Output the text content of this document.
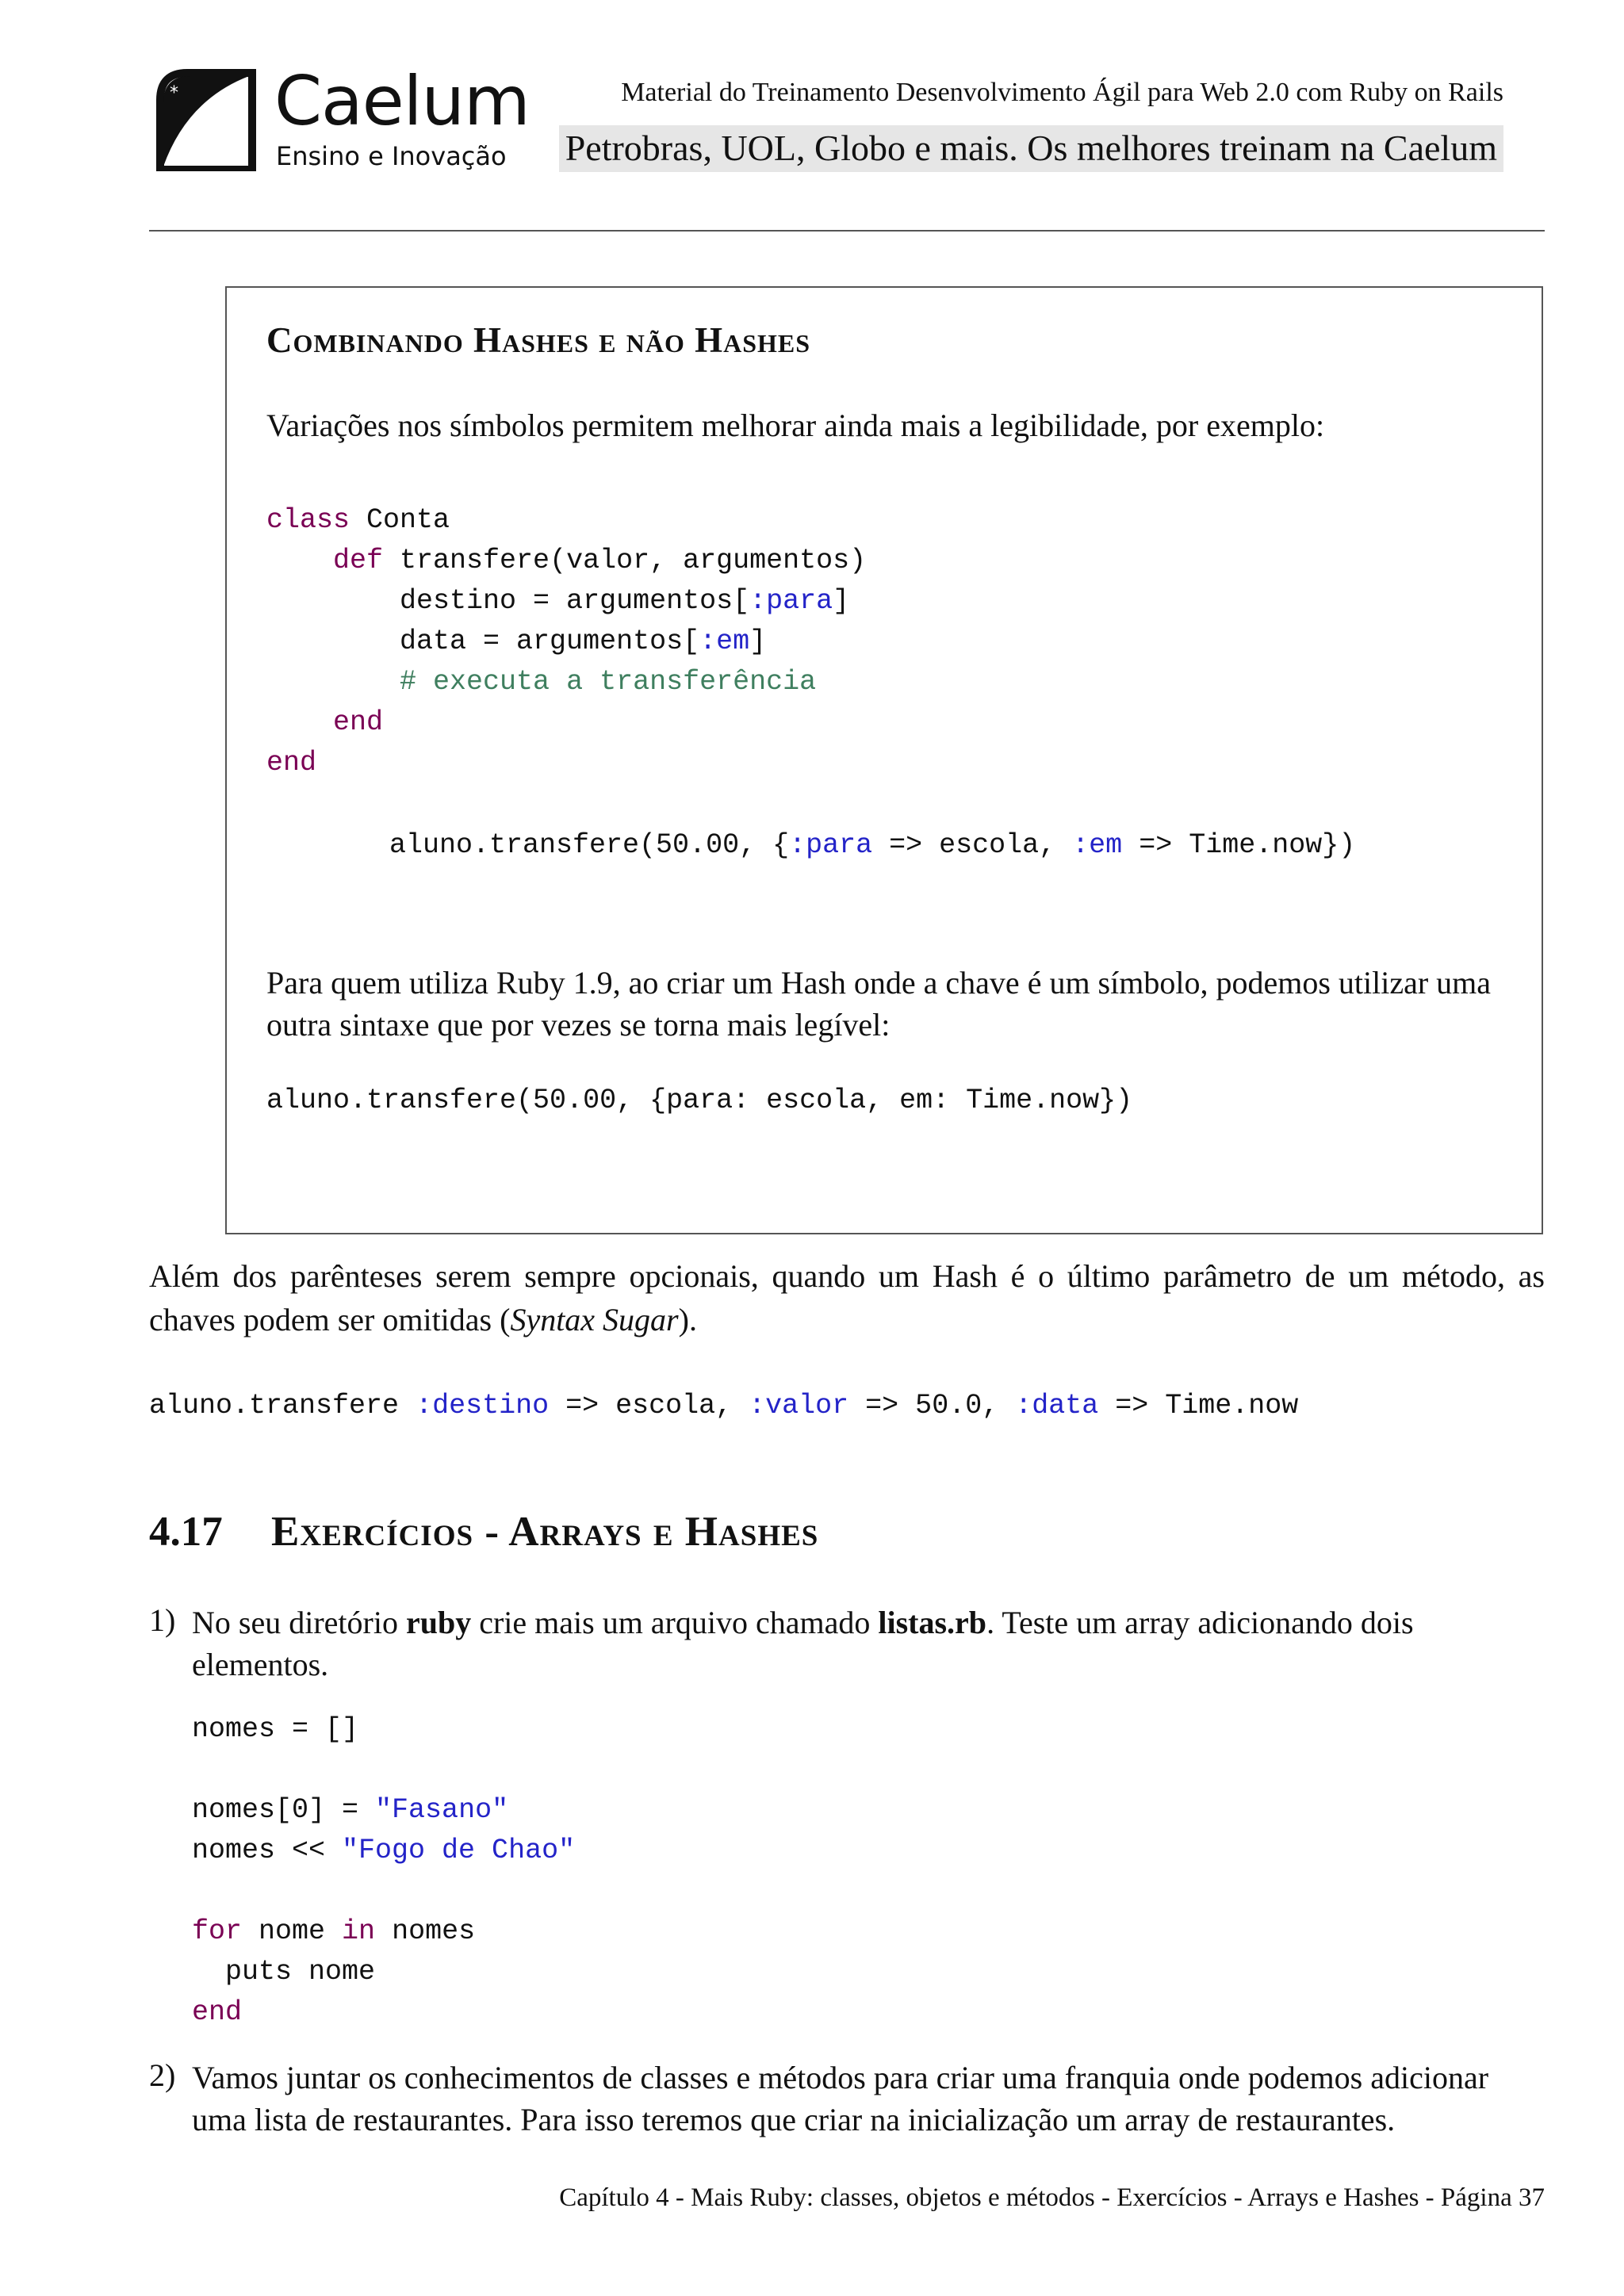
* Caelum
Ensino e Inovação
Material do Treinamento Desenvolvimento Ágil para Web 2.0 com Ruby on Rails
Petrobras, UOL, Globo e mais. Os melhores treinam na Caelum
Combinando Hashes e não Hashes
Variações nos símbolos permitem melhorar ainda mais a legibilidade, por exemplo:
class Conta
def transfere(valor, argumentos)
destino = argumentos[:para]
data = argumentos[:em]
# executa a transferência
end
end
aluno.transfere(50.00, {:para => escola, :em => Time.now})
Para quem utiliza Ruby 1.9, ao criar um Hash onde a chave é um símbolo, podemos utilizar uma outra sintaxe que por vezes se torna mais legível:
aluno.transfere(50.00, {para: escola, em: Time.now})
Além dos parênteses serem sempre opcionais, quando um Hash é o último parâmetro de um método, as chaves podem ser omitidas (Syntax Sugar).
aluno.transfere :destino => escola, :valor => 50.0, :data => Time.now
4.17 Exercícios - Arrays e Hashes
1) No seu diretório ruby crie mais um arquivo chamado listas.rb. Teste um array adicionando dois elementos.
nomes = []

nomes[0] = "Fasano"
nomes << "Fogo de Chao"

for nome in nomes
puts nome
end
2) Vamos juntar os conhecimentos de classes e métodos para criar uma franquia onde podemos adicionar uma lista de restaurantes. Para isso teremos que criar na inicialização um array de restaurantes.
Capítulo 4 - Mais Ruby: classes, objetos e métodos - Exercícios - Arrays e Hashes - Página 37
